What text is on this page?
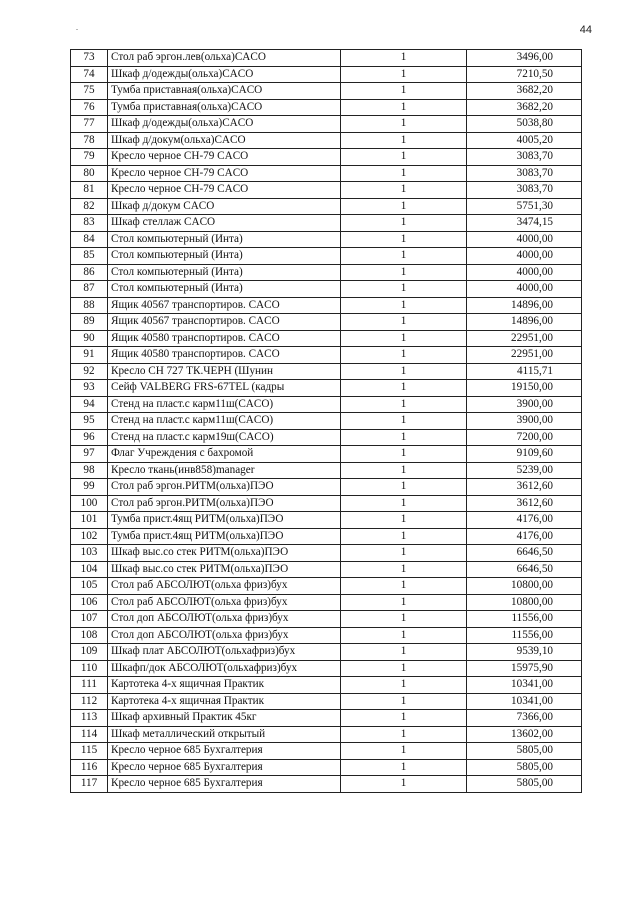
44
.
73	Стол раб эргон.лев(ольха)CACO	1	3496,00
74	Шкаф д/одежды(ольха)CACO	1	7210,50
75	Тумба приставная(ольха)CACO	1	3682,20
76	Тумба приставная(ольха)CACO	1	3682,20
77	Шкаф д/одежды(ольха)CACO	1	5038,80
78	Шкаф д/докум(ольха)CACO	1	4005,20
79	Кресло черное СН-79 CACO	1	3083,70
80	Кресло черное СН-79 CACO	1	3083,70
81	Кресло черное СН-79 CACO	1	3083,70
82	Шкаф д/докум CACO	1	5751,30
83	Шкаф стеллаж CACO	1	3474,15
84	Стол компьютерный (Инта)	1	4000,00
85	Стол компьютерный (Инта)	1	4000,00
86	Стол компьютерный (Инта)	1	4000,00
87	Стол компьютерный (Инта)	1	4000,00
88	Ящик 40567 транспортиров. CACO	1	14896,00
89	Ящик 40567 транспортиров. CACO	1	14896,00
90	Ящик 40580 транспортиров. CACO	1	22951,00
91	Ящик 40580 транспортиров. CACO	1	22951,00
92	Кресло СН 727 ТК.ЧЕРН (Шунин	1	4115,71
93	Сейф VALBERG FRS-67TEL (кадры	1	19150,00
94	Стенд на пласт.с карм11ш(CACO)	1	3900,00
95	Стенд на пласт.с карм11ш(CACO)	1	3900,00
96	Стенд на пласт.с карм19ш(CACO)	1	7200,00
97	Флаг Учреждения с бахромой	1	9109,60
98	Кресло ткань(инв858)manager	1	5239,00
99	Стол раб эргон.РИТМ(ольха)ПЭО	1	3612,60
100	Стол раб эргон.РИТМ(ольха)ПЭО	1	3612,60
101	Тумба прист.4ящ РИТМ(ольха)ПЭО	1	4176,00
102	Тумба прист.4ящ РИТМ(ольха)ПЭО	1	4176,00
103	Шкаф выс.со стек РИТМ(ольха)ПЭО	1	6646,50
104	Шкаф выс.со стек РИТМ(ольха)ПЭО	1	6646,50
105	Стол раб АБСОЛЮТ(ольха фриз)бух	1	10800,00
106	Стол раб АБСОЛЮТ(ольха фриз)бух	1	10800,00
107	Стол доп АБСОЛЮТ(ольха фриз)бух	1	11556,00
108	Стол доп АБСОЛЮТ(ольха фриз)бух	1	11556,00
109	Шкаф плат АБСОЛЮТ(ольхафриз)бух	1	9539,10
110	Шкафп/док АБСОЛЮТ(ольхафриз)бух	1	15975,90
111	Картотека 4-х ящичная Практик	1	10341,00
112	Картотека 4-х ящичная Практик	1	10341,00
113	Шкаф архивный Практик 45кг	1	7366,00
114	Шкаф металлический открытый	1	13602,00
115	Кресло черное 685 Бухгалтерия	1	5805,00
116	Кресло черное 685 Бухгалтерия	1	5805,00
117	Кресло черное 685 Бухгалтерия	1	5805,00
